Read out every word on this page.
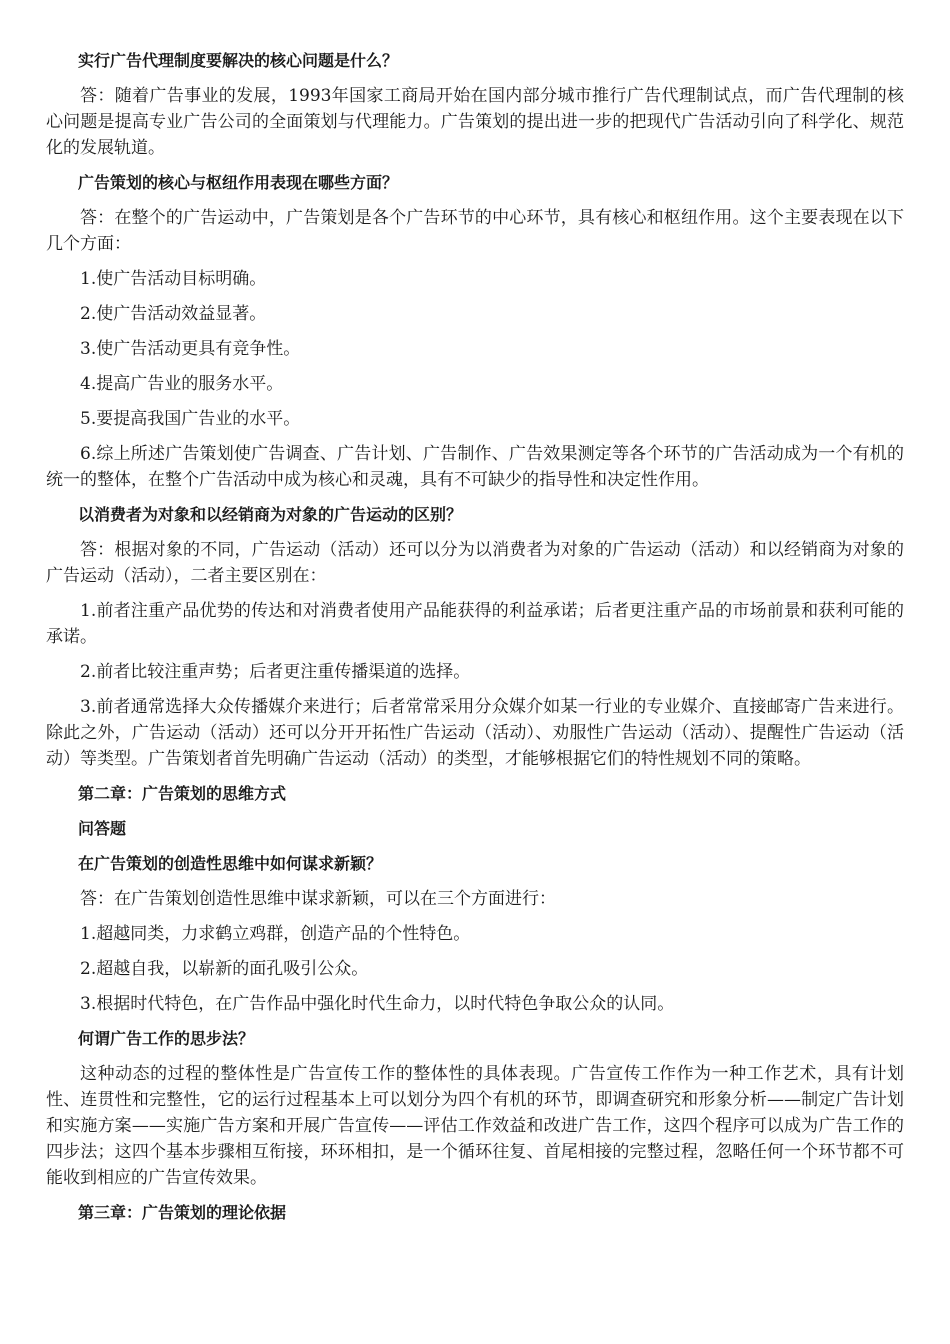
实行广告代理制度要解决的核心问题是什么？

答：随着广告事业的发展，1993年国家工商局开始在国内部分城市推行广告代理制试点，而广告代理制的核心问题是提高专业广告公司的全面策划与代理能力。广告策划的提出进一步的把现代广告活动引向了科学化、规范化的发展轨道。

广告策划的核心与枢纽作用表现在哪些方面？

答：在整个的广告运动中，广告策划是各个广告环节的中心环节，具有核心和枢纽作用。这个主要表现在以下几个方面：

1.使广告活动目标明确。

2.使广告活动效益显著。

3.使广告活动更具有竞争性。

4.提高广告业的服务水平。

5.要提高我国广告业的水平。

6.综上所述广告策划使广告调查、广告计划、广告制作、广告效果测定等各个环节的广告活动成为一个有机的统一的整体，在整个广告活动中成为核心和灵魂，具有不可缺少的指导性和决定性作用。

以消费者为对象和以经销商为对象的广告运动的区别？

答：根据对象的不同，广告运动（活动）还可以分为以消费者为对象的广告运动（活动）和以经销商为对象的广告运动（活动），二者主要区别在：

1.前者注重产品优势的传达和对消费者使用产品能获得的利益承诺；后者更注重产品的市场前景和获利可能的承诺。

2.前者比较注重声势；后者更注重传播渠道的选择。

3.前者通常选择大众传播媒介来进行；后者常常采用分众媒介如某一行业的专业媒介、直接邮寄广告来进行。除此之外，广告运动（活动）还可以分开开拓性广告运动（活动）、劝服性广告运动（活动）、提醒性广告运动（活动）等类型。广告策划者首先明确广告运动（活动）的类型，才能够根据它们的特性规划不同的策略。

第二章：广告策划的思维方式

问答题

在广告策划的创造性思维中如何谋求新颖？

答：在广告策划创造性思维中谋求新颖，可以在三个方面进行：

1.超越同类，力求鹤立鸡群，创造产品的个性特色。

2.超越自我，以崭新的面孔吸引公众。

3.根据时代特色，在广告作品中强化时代生命力，以时代特色争取公众的认同。

何谓广告工作的思步法？

这种动态的过程的整体性是广告宣传工作的整体性的具体表现。广告宣传工作作为一种工作艺术，具有计划性、连贯性和完整性，它的运行过程基本上可以划分为四个有机的环节，即调查研究和形象分析——制定广告计划和实施方案——实施广告方案和开展广告宣传——评估工作效益和改进广告工作，这四个程序可以成为广告工作的四步法；这四个基本步骤相互衔接，环环相扣，是一个循环往复、首尾相接的完整过程，忽略任何一个环节都不可能收到相应的广告宣传效果。

第三章：广告策划的理论依据
